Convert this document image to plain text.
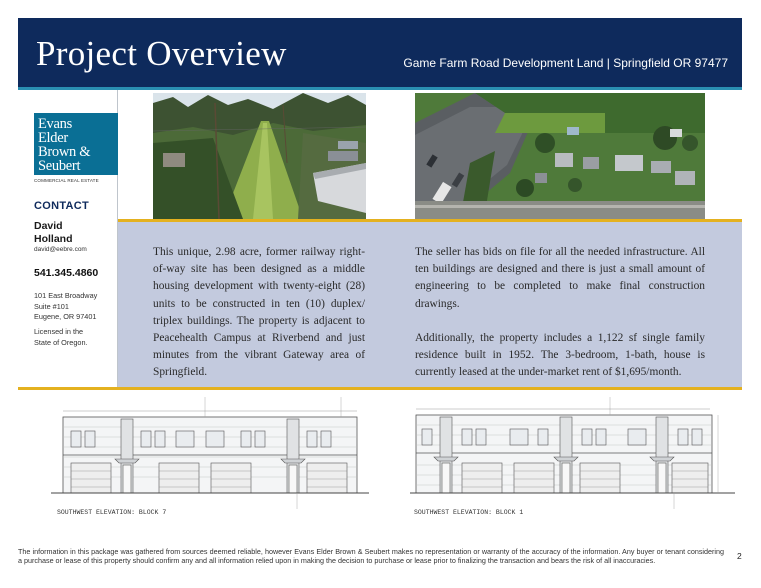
Project Overview	Game Farm Road Development Land | Springfield OR 97477
Evans
Elder
Brown &
Seubert
COMMERCIAL REAL ESTATE
CONTACT
David
Holland
david@eebre.com
541.345.4860
101 East Broadway
Suite #101
Eugene, OR 97401
Licensed in the
State of Oregon.
This unique, 2.98 acre, former railway right-of-way site has been designed as a middle housing development with twenty-eight (28) units to be constructed in ten (10) duplex/ triplex buildings. The property is adjacent to Peacehealth Campus at Riverbend and just minutes from the vibrant Gateway area of Springfield.

The seller has bids on file for all the needed infrastructure. All ten buildings are designed and there is just a small amount of engineering to be completed to make final construction drawings.

Additionally, the property includes a 1,122 sf single family residence built in 1952. The 3-bedroom, 1-bath, house is currently leased at the under-market rent of $1,695/month.

SOUTHWEST ELEVATION: BLOCK 7	SOUTHWEST ELEVATION: BLOCK 1
The information in this package was gathered from sources deemed reliable, however Evans Elder Brown & Seubert makes no representation or warranty of the accuracy of the information. Any buyer or tenant considering a purchase or lease of this property should confirm any and all information relied upon in making the decision to purchase or lease prior to finalizing the transaction and bears the risk of all inaccuracies.	2
